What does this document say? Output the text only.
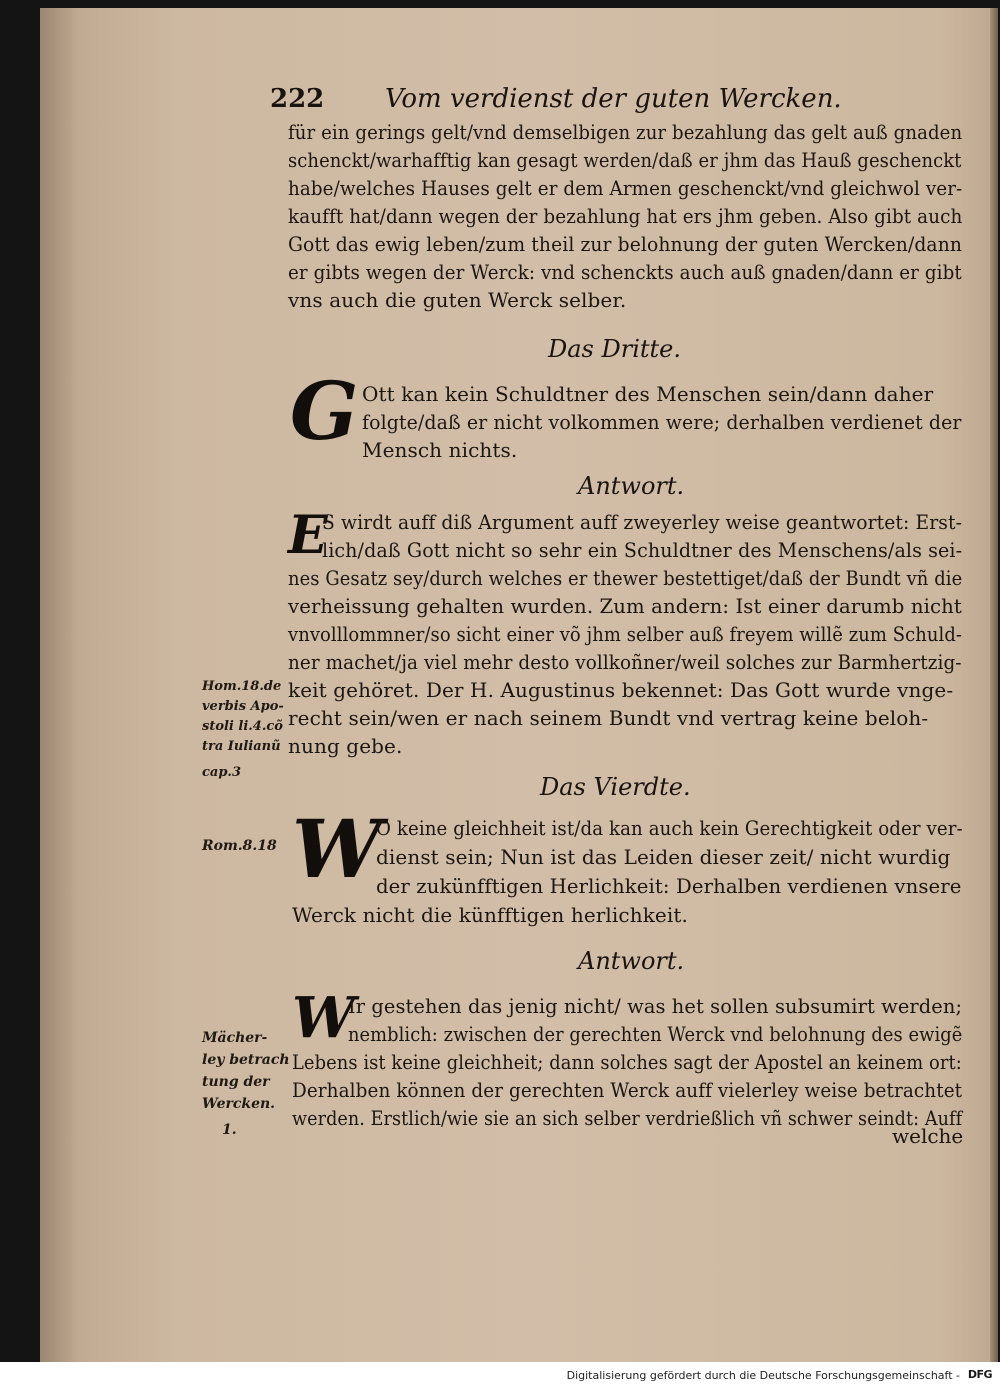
222 Vom verdienst der guten Wercken.
für ein gerings gelt/vnd demselbigen zur bezahlung das gelt auß gnaden
schenckt/warhafftig kan gesagt werden/daß er jhm das Hauß geschenckt
habe/welches Hauses gelt er dem Armen geschenckt/vnd gleichwol ver-
kaufft hat/dann wegen der bezahlung hat ers jhm geben. Also gibt auch
Gott das ewig leben/zum theil zur belohnung der guten Wercken/dann
er gibts wegen der Werck: vnd schenckts auch auß gnaden/dann er gibt
vns auch die guten Werck selber.
Das Dritte.
G Ott kan kein Schuldtner des Menschen sein/dann daher
folgte/daß er nicht volkommen were; derhalben verdienet der
Mensch nichts.
Antwort.
E
S wirdt auff diß Argument auff zweyerley weise geantwortet: Erst-
lich/daß Gott nicht so sehr ein Schuldtner des Menschens/als sei-
nes Gesatz sey/durch welches er thewer bestettiget/daß der Bundt vñ die
verheissung gehalten wurden. Zum andern: Ist einer darumb nicht
vnvolllommner/so sicht einer võ jhm selber auß freyem willẽ zum Schuld-
ner machet/ja viel mehr desto vollkoñner/weil solches zur Barmhertzig-
keit gehöret. Der H. Augustinus bekennet: Das Gott wurde vnge-
recht sein/wen er nach seinem Bundt vnd vertrag keine beloh-
nung gebe.
Hom.18.de
verbis Apo-
stoli li.4.cõ
tra Iulianũ
cap.3
Das Vierdte.
W
O keine gleichheit ist/da kan auch kein Gerechtigkeit oder ver-
dienst sein; Nun ist das Leiden dieser zeit/ nicht wurdig
der zukünfftigen Herlichkeit: Derhalben verdienen vnsere
Werck nicht die künfftigen herlichkeit.
Rom.8.18
Antwort.
W
Ir gestehen das jenig nicht/ was het sollen subsumirt werden;
nemblich: zwischen der gerechten Werck vnd belohnung des ewigẽ
Lebens ist keine gleichheit; dann solches sagt der Apostel an keinem ort:
Derhalben können der gerechten Werck auff vielerley weise betrachtet
werden. Erstlich/wie sie an sich selber verdrießlich vñ schwer seindt: Auff
Mächer-
ley betrach
tung der
Wercken.
1.	welche
Digitalisierung gefördert durch die Deutsche Forschungsgemeinschaft - DFG
